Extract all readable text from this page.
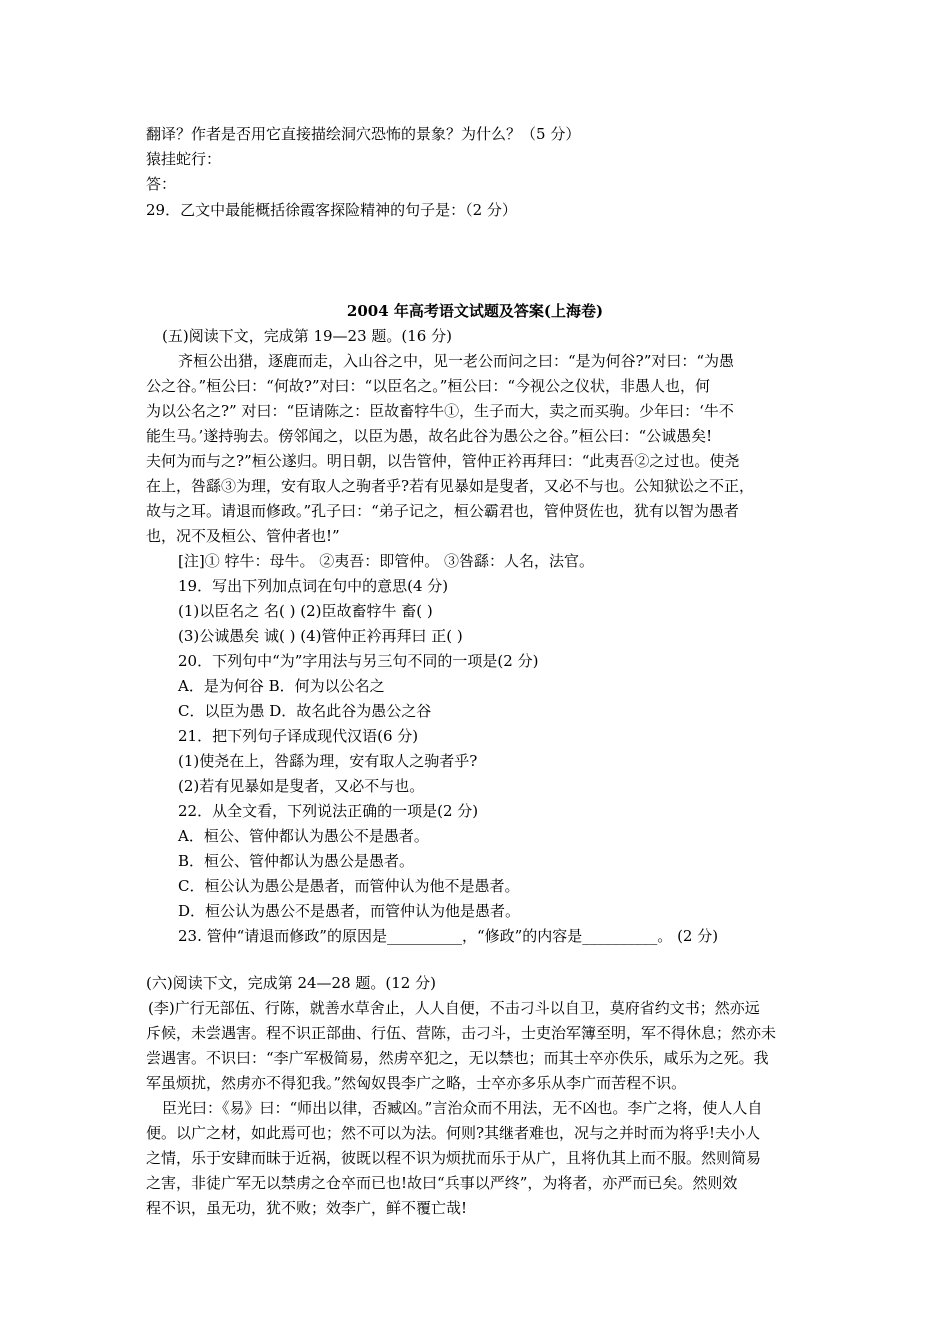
翻译？作者是否用它直接描绘洞穴恐怖的景象？为什么？（5 分）
猿挂蛇行：
答：
29．乙文中最能概括徐霞客探险精神的句子是：（2 分）
2004 年高考语文试题及答案(上海卷)
(五)阅读下文，完成第 19—23 题。(16 分)
齐桓公出猎，逐鹿而走，入山谷之中，见一老公而问之曰：“是为何谷?”对曰：“为愚
公之谷。”桓公曰：“何故?”对曰：“以臣名之。”桓公曰：“今视公之仪状，非愚人也，何
为以公名之?” 对曰：“臣请陈之：臣故畜牸牛①，生子而大，卖之而买驹。少年曰：‘牛不
能生马。’遂持驹去。傍邻闻之，以臣为愚，故名此谷为愚公之谷。”桓公曰：“公诚愚矣!
夫何为而与之?”桓公遂归。明日朝，以告管仲，管仲正衿再拜曰：“此夷吾②之过也。使尧
在上，咎繇③为理，安有取人之驹者乎?若有见暴如是叟者，又必不与也。公知狱讼之不正，
故与之耳。请退而修政。”孔子曰：“弟子记之，桓公霸君也，管仲贤佐也，犹有以智为愚者
也，况不及桓公、管仲者也!”
[注]① 牸牛：母牛。 ②夷吾：即管仲。 ③咎繇：人名，法官。
19．写出下列加点词在句中的意思(4 分)
(1)以臣名之 名( ) (2)臣故畜牸牛 畜( )
(3)公诚愚矣 诚( ) (4)管仲正衿再拜曰 正( )
20．下列句中“为”字用法与另三句不同的一项是(2 分)
A．是为何谷 B．何为以公名之
C．以臣为愚 D．故名此谷为愚公之谷
21．把下列句子译成现代汉语(6 分)
(1)使尧在上，咎繇为理，安有取人之驹者乎?
(2)若有见暴如是叟者，又必不与也。
22．从全文看，下列说法正确的一项是(2 分)
A．桓公、管仲都认为愚公不是愚者。
B．桓公、管仲都认为愚公是愚者。
C．桓公认为愚公是愚者，而管仲认为他不是愚者。
D．桓公认为愚公不是愚者，而管仲认为他是愚者。
23. 管仲“请退而修政”的原因是__________，“修政”的内容是__________。 (2 分)
(六)阅读下文，完成第 24—28 题。(12 分)
(李)广行无部伍、行陈，就善水草舍止，人人自便，不击刁斗以自卫，莫府省约文书；然亦远
斥候，未尝遇害。程不识正部曲、行伍、营陈，击刁斗，士吏治军簿至明，军不得休息；然亦未
尝遇害。不识曰：“李广军极简易，然虏卒犯之，无以禁也；而其士卒亦佚乐，咸乐为之死。我
军虽烦扰，然虏亦不得犯我。”然匈奴畏李广之略，士卒亦多乐从李广而苦程不识。
臣光曰：《易》曰：“师出以律，否臧凶。”言治众而不用法，无不凶也。李广之将，使人人自
便。以广之材，如此焉可也；然不可以为法。何则?其继者难也，况与之并时而为将乎!夫小人
之情，乐于安肆而昧于近祸，彼既以程不识为烦扰而乐于从广，且将仇其上而不服。然则简易
之害，非徒广军无以禁虏之仓卒而已也!故曰“兵事以严终”，为将者，亦严而已矣。然则效
程不识，虽无功，犹不败；效李广，鲜不覆亡哉!
